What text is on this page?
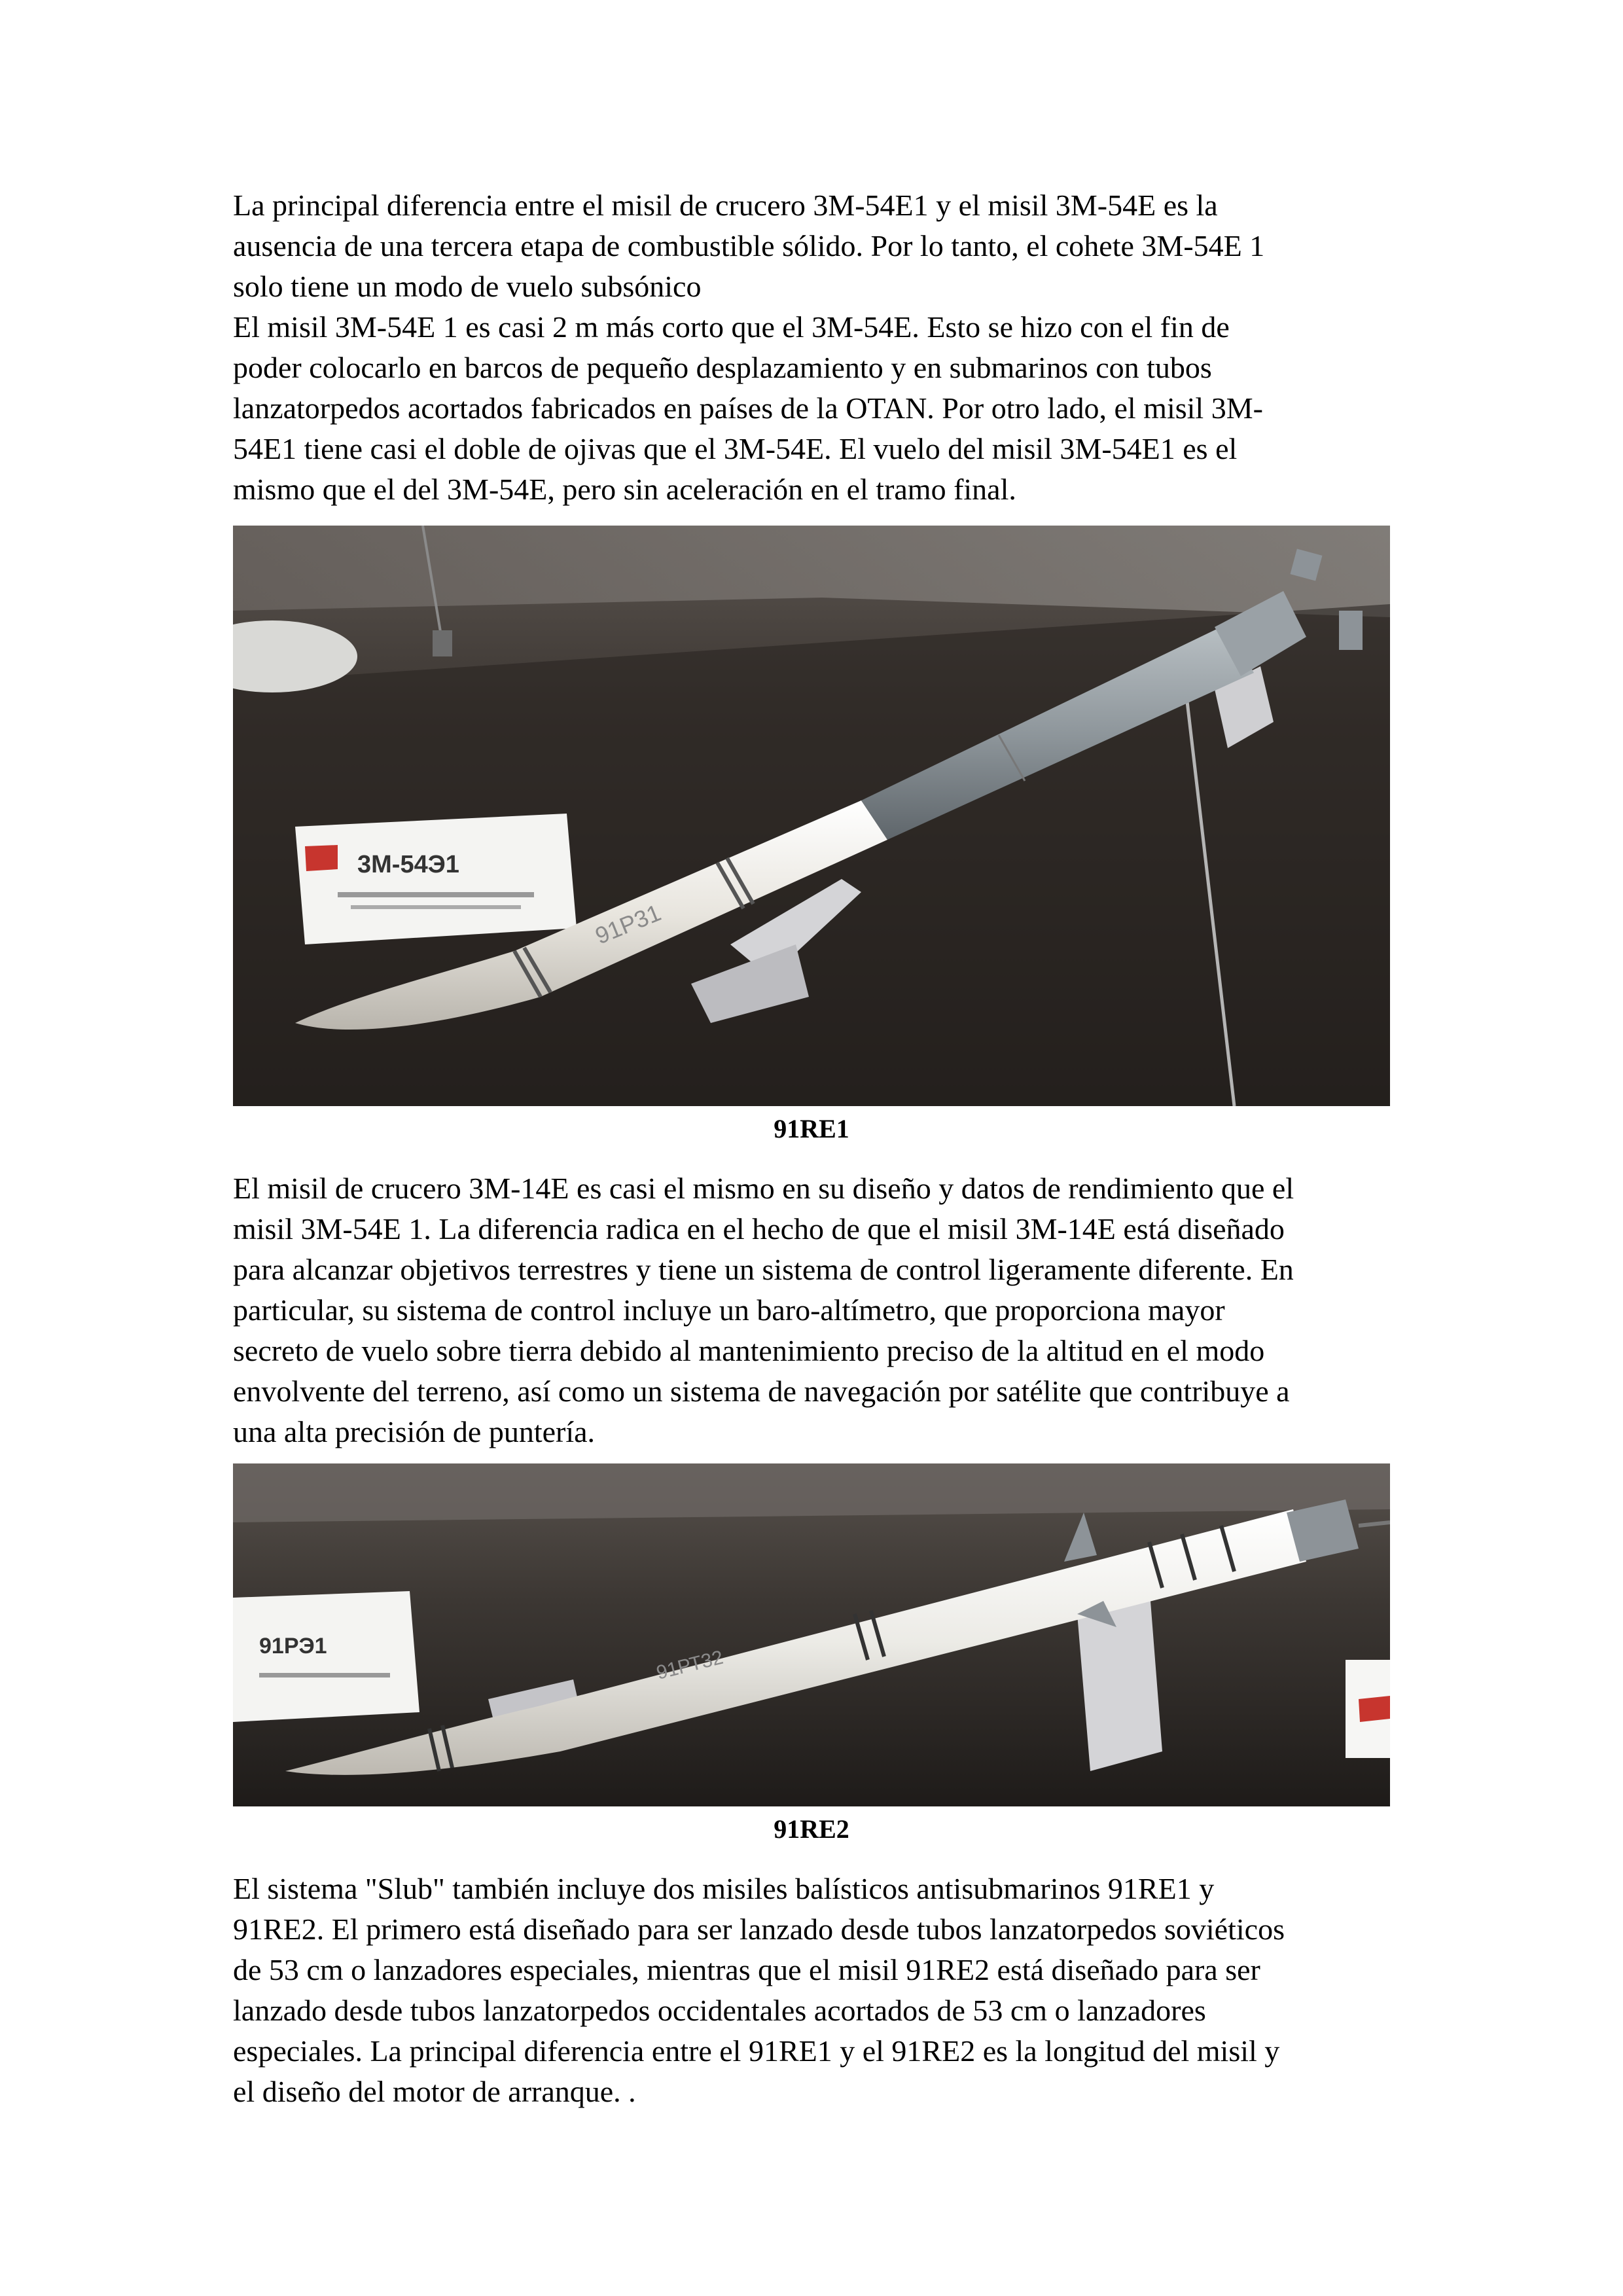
La principal diferencia entre el misil de crucero 3M-54E1 y el misil 3M-54E es la
ausencia de una tercera etapa de combustible sólido. Por lo tanto, el cohete 3M-54E 1
solo tiene un modo de vuelo subsónico
El misil 3M-54E 1 es casi 2 m más corto que el 3M-54E. Esto se hizo con el fin de
poder colocarlo en barcos de pequeño desplazamiento y en submarinos con tubos
lanzatorpedos acortados fabricados en países de la OTAN. Por otro lado, el misil 3M-
54E1 tiene casi el doble de ojivas que el 3M-54E. El vuelo del misil 3M-54E1 es el
mismo que el del 3M-54E, pero sin aceleración en el tramo final.

3M-54Э1
91Р31
91RE1

El misil de crucero 3M-14E es casi el mismo en su diseño y datos de rendimiento que el
misil 3M-54E 1. La diferencia radica en el hecho de que el misil 3M-14E está diseñado
para alcanzar objetivos terrestres y tiene un sistema de control ligeramente diferente. En
particular, su sistema de control incluye un baro-altímetro, que proporciona mayor
secreto de vuelo sobre tierra debido al mantenimiento preciso de la altitud en el modo
envolvente del terreno, así como un sistema de navegación por satélite que contribuye a
una alta precisión de puntería.

91РЭ1
91РТ32
91RE2

El sistema "Slub" también incluye dos misiles balísticos antisubmarinos 91RE1 y
91RE2. El primero está diseñado para ser lanzado desde tubos lanzatorpedos soviéticos
de 53 cm o lanzadores especiales, mientras que el misil 91RE2 está diseñado para ser
lanzado desde tubos lanzatorpedos occidentales acortados de 53 cm o lanzadores
especiales. La principal diferencia entre el 91RE1 y el 91RE2 es la longitud del misil y
el diseño del motor de arranque. .
